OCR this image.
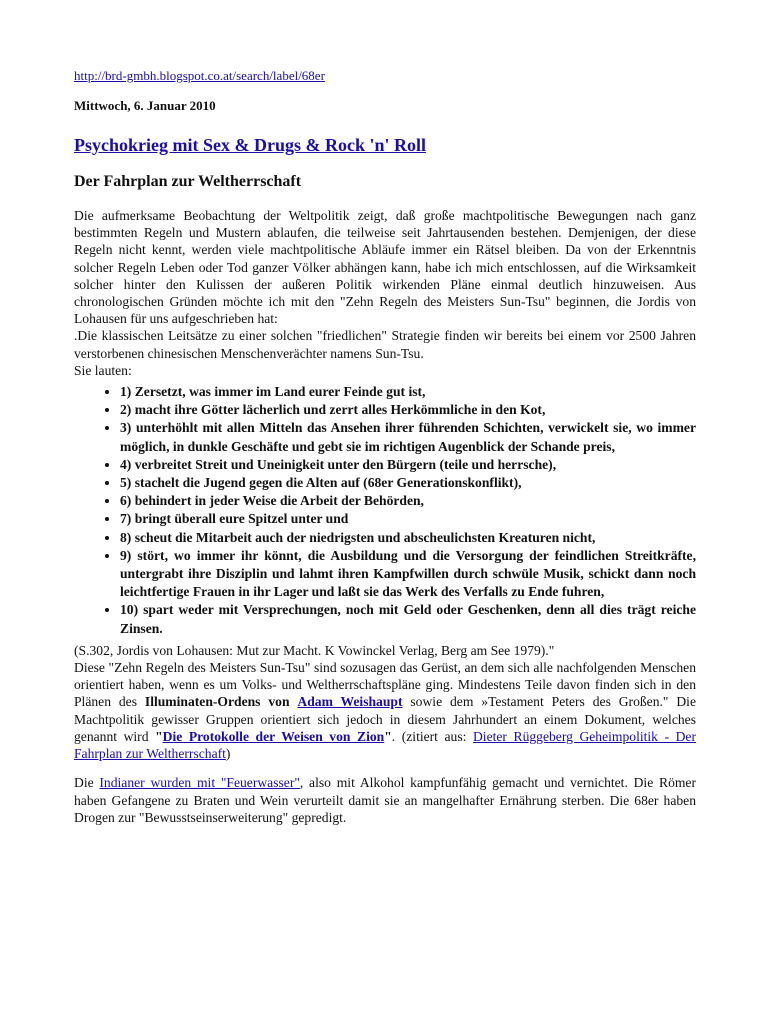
http://brd-gmbh.blogspot.co.at/search/label/68er
Mittwoch, 6. Januar 2010
Psychokrieg mit Sex & Drugs & Rock 'n' Roll
Der Fahrplan zur Weltherrschaft

Die aufmerksame Beobachtung der Weltpolitik zeigt, daß große machtpolitische Bewegungen nach ganz bestimmten Regeln und Mustern ablaufen, die teilweise seit Jahrtausenden bestehen. Demjenigen, der diese Regeln nicht kennt, werden viele machtpolitische Abläufe immer ein Rätsel bleiben. Da von der Erkenntnis solcher Regeln Leben oder Tod ganzer Völker abhängen kann, habe ich mich entschlossen, auf die Wirksamkeit solcher hinter den Kulissen der außeren Politik wirkenden Pläne einmal deutlich hinzuweisen. Aus chronologischen Gründen möchte ich mit den "Zehn Regeln des Meisters Sun-Tsu" beginnen, die Jordis von Lohausen für uns aufgeschrieben hat:

.Die klassischen Leitsätze zu einer solchen "friedlichen" Strategie finden wir bereits bei einem vor 2500 Jahren verstorbenen chinesischen Menschenverächter namens Sun-Tsu.

Sie lauten:

• 1) Zersetzt, was immer im Land eurer Feinde gut ist,
• 2) macht ihre Götter lächerlich und zerrt alles Herkömmliche in den Kot,
• 3) unterhöhlt mit allen Mitteln das Ansehen ihrer führenden Schichten, verwickelt sie, wo immer möglich, in dunkle Geschäfte und gebt sie im richtigen Augenblick der Schande preis,
• 4) verbreitet Streit und Uneinigkeit unter den Bürgern (teile und herrsche),
• 5) stachelt die Jugend gegen die Alten auf (68er Generationskonflikt),
• 6) behindert in jeder Weise die Arbeit der Behörden,
• 7) bringt überall eure Spitzel unter und
• 8) scheut die Mitarbeit auch der niedrigsten und abscheulichsten Kreaturen nicht,
• 9) stört, wo immer ihr könnt, die Ausbildung und die Versorgung der feindlichen Streitkräfte, untergrabt ihre Disziplin und lahmt ihren Kampfwillen durch schwüle Musik, schickt dann noch leichtfertige Frauen in ihr Lager und laßt sie das Werk des Verfalls zu Ende fuhren,
• 10) spart weder mit Versprechungen, noch mit Geld oder Geschenken, denn all dies trägt reiche Zinsen.

(S.302, Jordis von Lohausen: Mut zur Macht. K Vowinckel Verlag, Berg am See 1979)."

Diese "Zehn Regeln des Meisters Sun-Tsu" sind sozusagen das Gerüst, an dem sich alle nachfolgenden Menschen orientiert haben, wenn es um Volks- und Weltherrschaftspläne ging. Mindestens Teile davon finden sich in den Plänen des Illuminaten-Ordens von Adam Weishaupt sowie dem »Testament Peters des Großen." Die Machtpolitik gewisser Gruppen orientiert sich jedoch in diesem Jahrhundert an einem Dokument, welches genannt wird "Die Protokolle der Weisen von Zion". (zitiert aus: Dieter Rüggeberg Geheimpolitik - Der Fahrplan zur Weltherrschaft)

Die Indianer wurden mit "Feuerwasser", also mit Alkohol kampfunfähig gemacht und vernichtet. Die Römer haben Gefangene zu Braten und Wein verurteilt damit sie an mangelhafter Ernährung sterben. Die 68er haben Drogen zur "Bewusstseinserweiterung" gepredigt.
